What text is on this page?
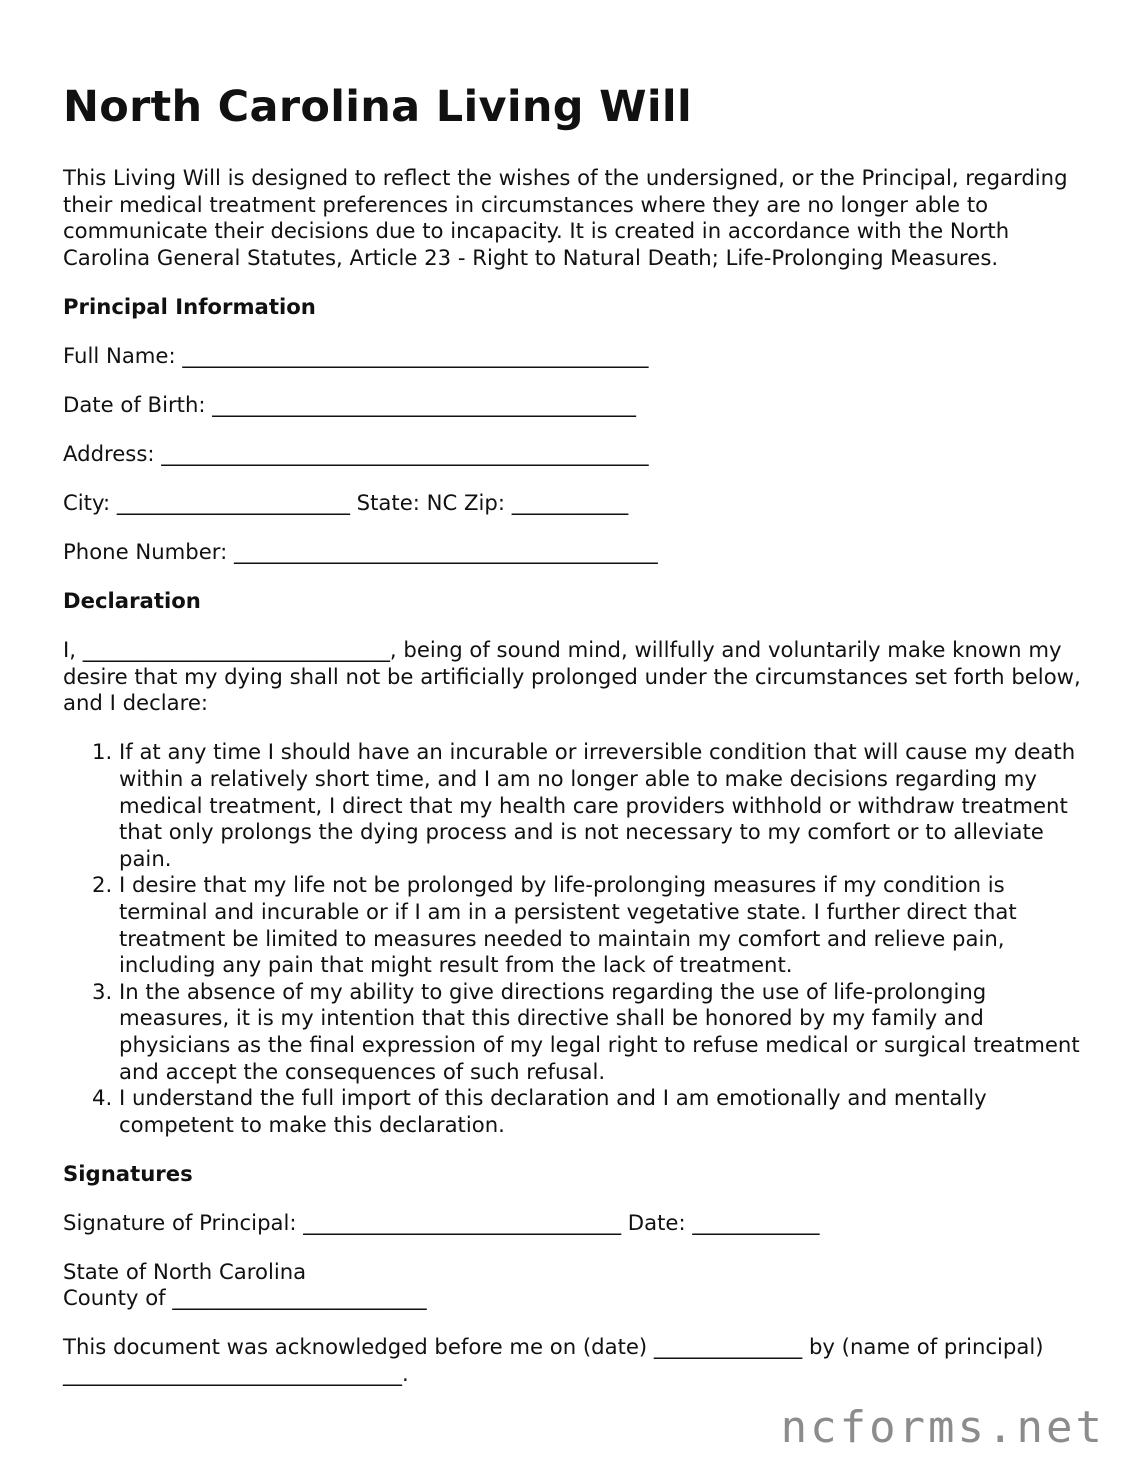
North Carolina Living Will

This Living Will is designed to reflect the wishes of the undersigned, or the Principal, regarding their medical treatment preferences in circumstances where they are no longer able to communicate their decisions due to incapacity. It is created in accordance with the North Carolina General Statutes, Article 23 - Right to Natural Death; Life-Prolonging Measures.

Principal Information

Full Name: ____________________________________________

Date of Birth: ________________________________________

Address: ______________________________________________

City: ______________________ State: NC Zip: ___________

Phone Number: ________________________________________

Declaration

I, _____________________________, being of sound mind, willfully and voluntarily make known my desire that my dying shall not be artificially prolonged under the circumstances set forth below, and I declare:

1. If at any time I should have an incurable or irreversible condition that will cause my death within a relatively short time, and I am no longer able to make decisions regarding my medical treatment, I direct that my health care providers withhold or withdraw treatment that only prolongs the dying process and is not necessary to my comfort or to alleviate pain.
2. I desire that my life not be prolonged by life-prolonging measures if my condition is terminal and incurable or if I am in a persistent vegetative state. I further direct that treatment be limited to measures needed to maintain my comfort and relieve pain, including any pain that might result from the lack of treatment.
3. In the absence of my ability to give directions regarding the use of life-prolonging measures, it is my intention that this directive shall be honored by my family and physicians as the final expression of my legal right to refuse medical or surgical treatment and accept the consequences of such refusal.
4. I understand the full import of this declaration and I am emotionally and mentally competent to make this declaration.
Signatures

Signature of Principal: ______________________________ Date: ____________

State of North Carolina

County of ________________________

This document was acknowledged before me on (date) ______________ by (name of principal) ________________________________.

ncforms.net
